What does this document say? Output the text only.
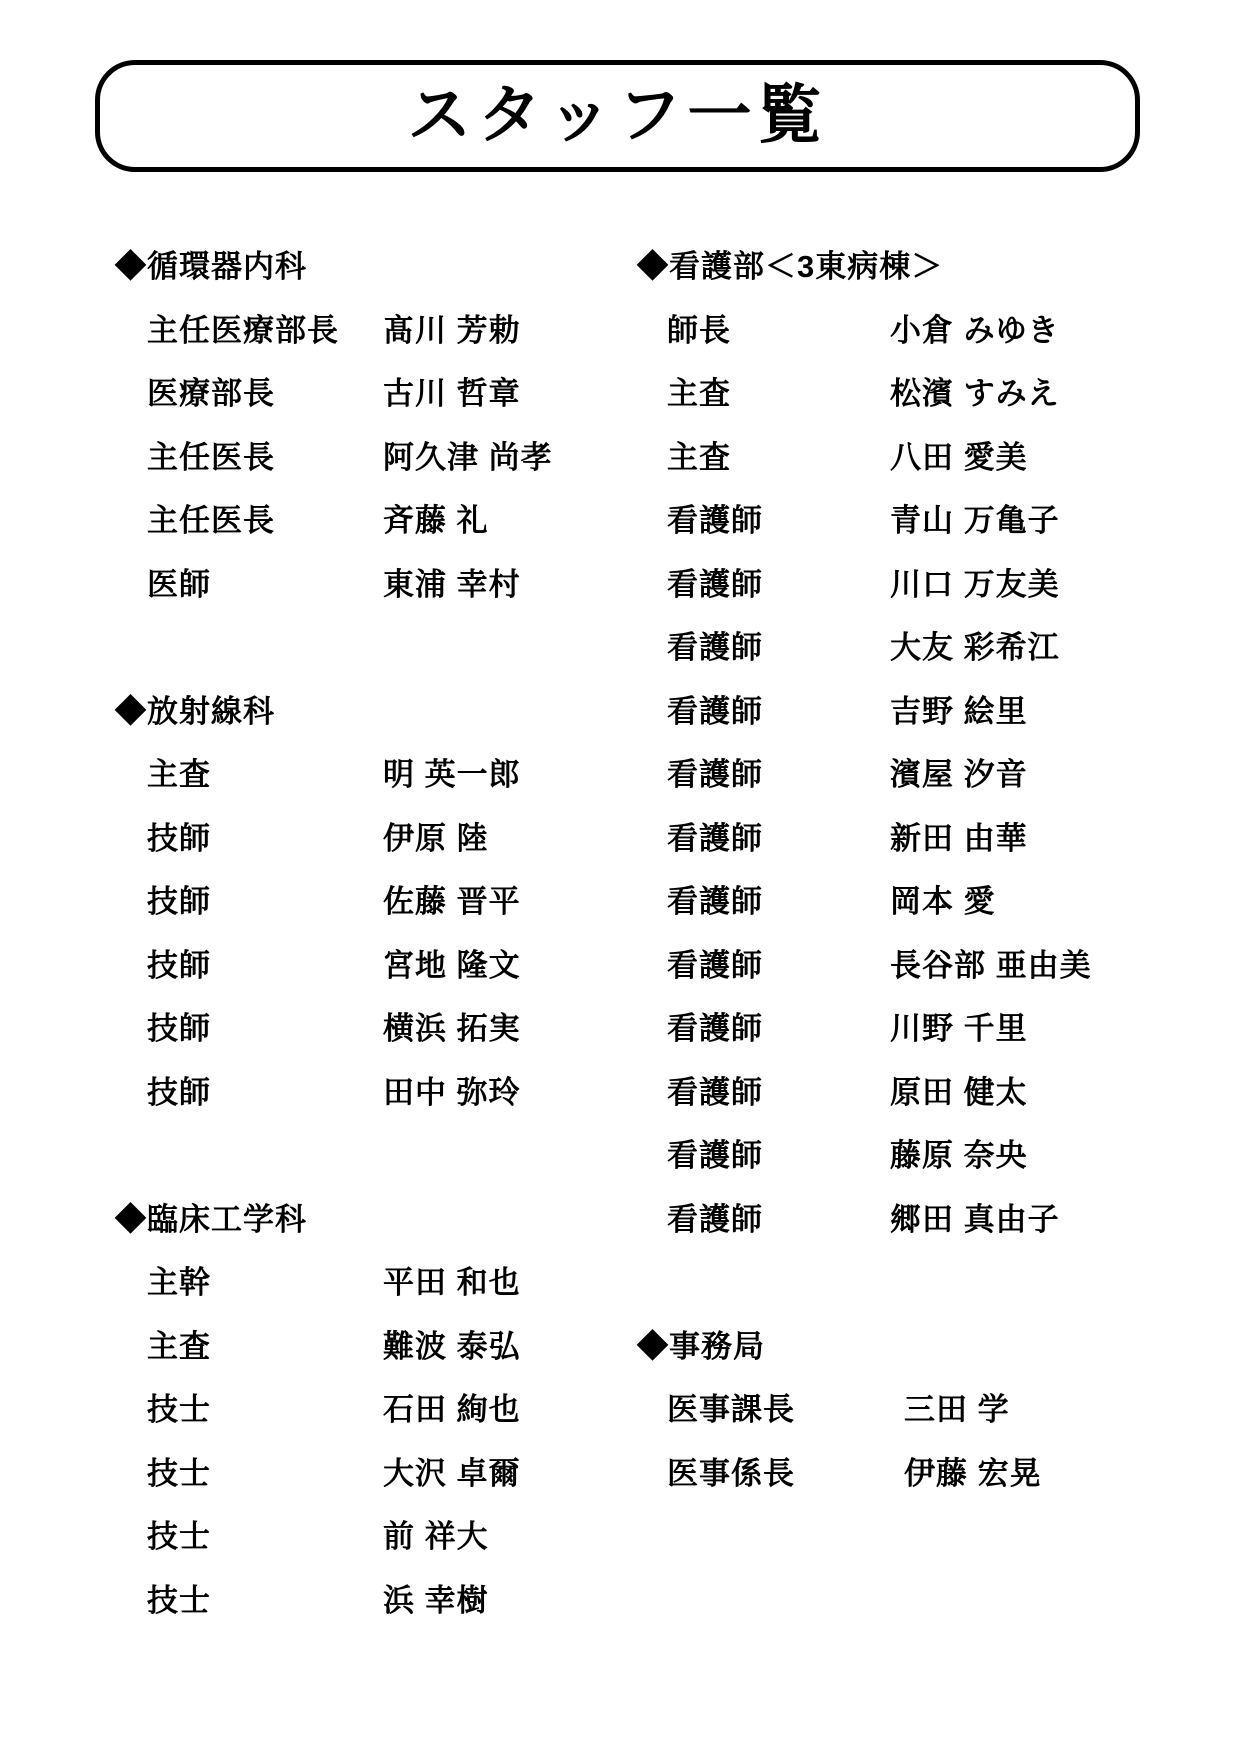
スタッフ一覧
◆循環器内科
主任医療部長	髙川 芳勅
医療部長	古川 哲章
主任医長	阿久津 尚孝
主任医長	斉藤 礼
医師	東浦 幸村
◆放射線科
主査	明 英一郎
技師	伊原 陸
技師	佐藤 晋平
技師	宮地 隆文
技師	横浜 拓実
技師	田中 弥玲
◆臨床工学科
主幹	平田 和也
主査	難波 泰弘
技士	石田 絢也
技士	大沢 卓爾
技士	前 祥大
技士	浜 幸樹
◆看護部＜3東病棟＞
師長	小倉 みゆき
主査	松濱 すみえ
主査	八田 愛美
看護師	青山 万亀子
看護師	川口 万友美
看護師	大友 彩希江
看護師	吉野 絵里
看護師	濱屋 汐音
看護師	新田 由華
看護師	岡本 愛
看護師	長谷部 亜由美
看護師	川野 千里
看護師	原田 健太
看護師	藤原 奈央
看護師	郷田 真由子
◆事務局
医事課長	三田 学
医事係長	伊藤 宏晃
